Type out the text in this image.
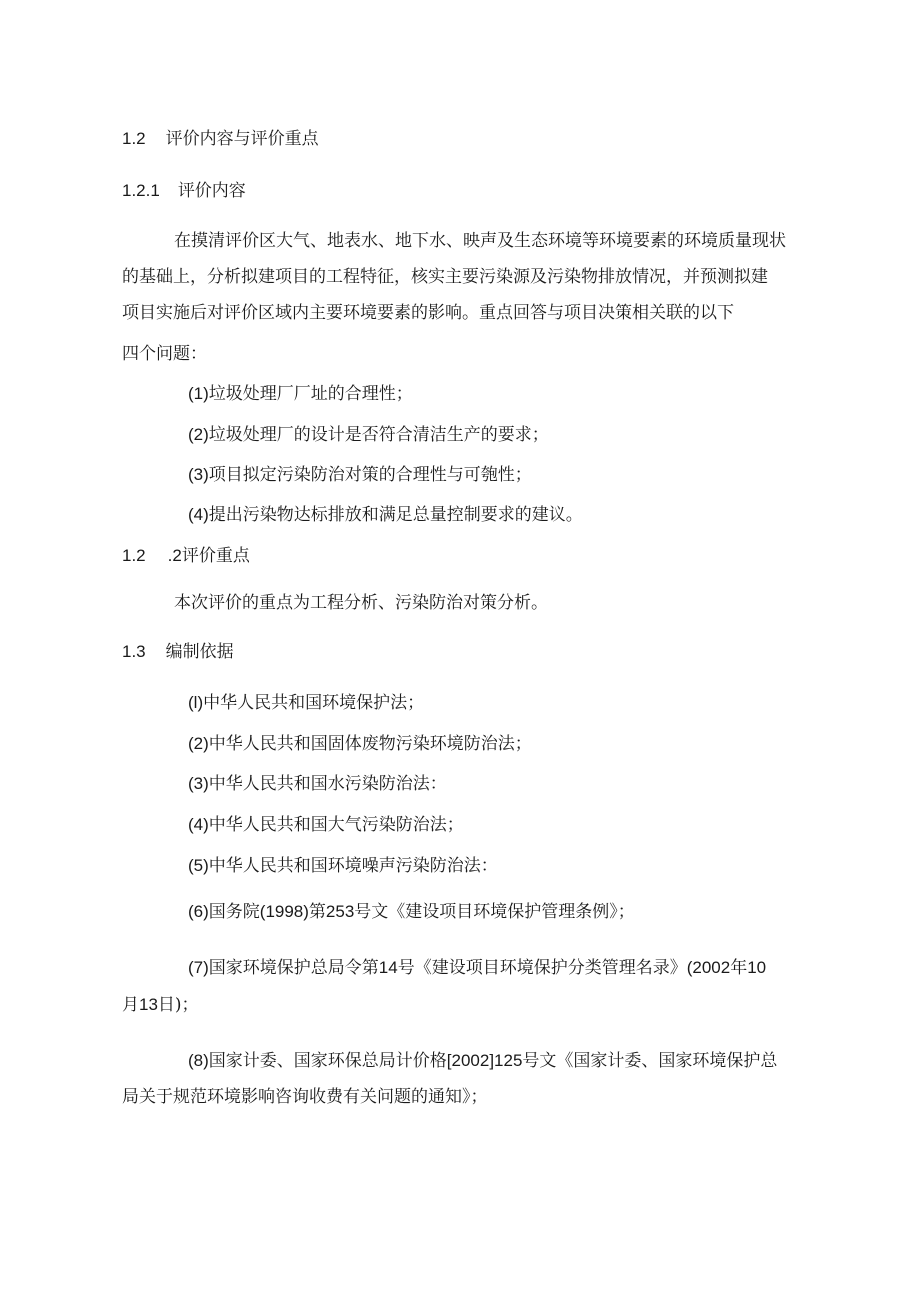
1.2 评价内容与评价重点
1.2.1 评价内容
在摸清评价区大气、地表水、地下水、映声及生态环境等环境要素的环境质量现状
的基础上，分析拟建项目的工程特征，核实主要污染源及污染物排放情况，并预测拟建
项目实施后对评价区域内主要环境要素的影响。重点回答与项目决策相关联的以下
四个问题：
(1)垃圾处理厂厂址的合理性；
(2)垃圾处理厂的设计是否符合清洁生产的要求；
(3)项目拟定污染防治对策的合理性与可匏性；
(4)提出污染物达标排放和满足总量控制要求的建议。
1.2 .2评价重点
本次评价的重点为工程分析、污染防治对策分析。
1.3 编制依据
(l)中华人民共和国环境保护法；
(2)中华人民共和国固体废物污染环境防治法；
(3)中华人民共和国水污染防治法：
(4)中华人民共和国大气污染防治法；
(5)中华人民共和国环境噪声污染防治法：
(6)国务院(1998)第253号文《建设项目环境保护管理条例》；
(7)国家环境保护总局令第14号《建设项目环境保护分类管理名录》(2002年10
月13日)；
(8)国家计委、国家环保总局计价格[2002]125号文《国家计委、国家环境保护总
局关于规范环境影响咨询收费有关问题的通知》；
